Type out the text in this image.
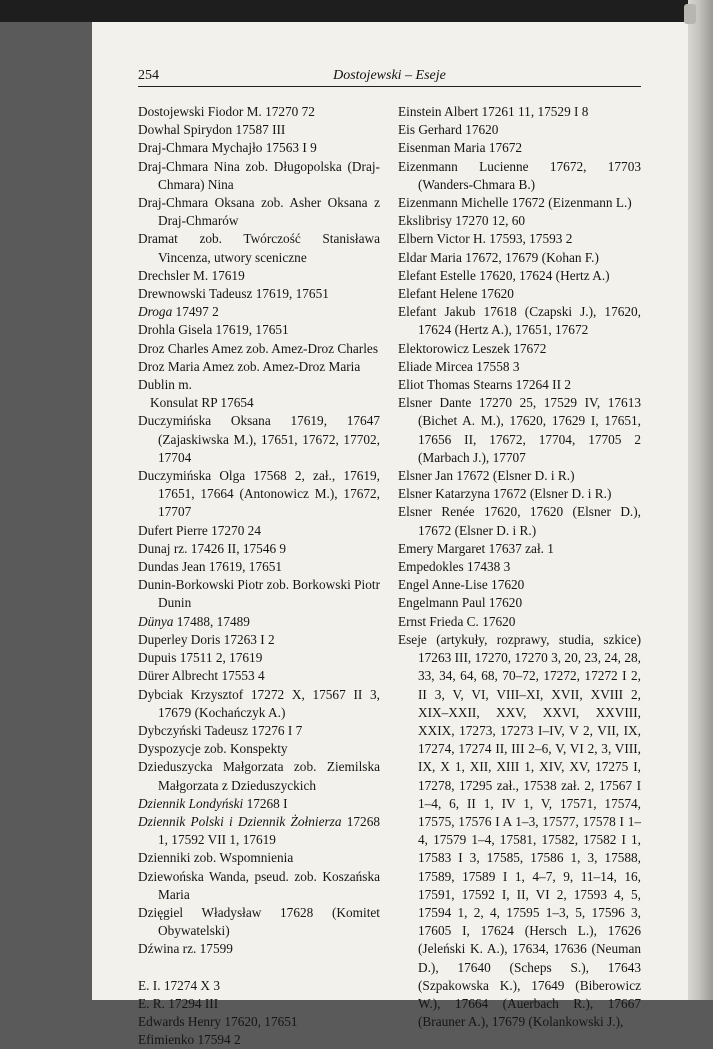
254	Dostojewski – Eseje
Dostojewski Fiodor M. 17270 72
Dowhal Spirydon 17587 III
Draj-Chmara Mychajło 17563 I 9
Draj-Chmara Nina zob. Długopolska (Draj-Chmara) Nina
Draj-Chmara Oksana zob. Asher Oksana z Draj-Chmarów
Dramat zob. Twórczość Stanisława Vincenza, utwory sceniczne
Drechsler M. 17619
Drewnowski Tadeusz 17619, 17651
Droga 17497 2
Drohla Gisela 17619, 17651
Droz Charles Amez zob. Amez-Droz Charles
Droz Maria Amez zob. Amez-Droz Maria
Dublin m.
Konsulat RP 17654
Duczymińska Oksana 17619, 17647 (Zajaskiwska M.), 17651, 17672, 17702, 17704
Duczymińska Olga 17568 2, zał., 17619, 17651, 17664 (Antonowicz M.), 17672, 17707
Dufert Pierre 17270 24
Dunaj rz. 17426 II, 17546 9
Dundas Jean 17619, 17651
Dunin-Borkowski Piotr zob. Borkowski Piotr Dunin
Dünya 17488, 17489
Duperley Doris 17263 I 2
Dupuis 17511 2, 17619
Dürer Albrecht 17553 4
Dybciak Krzysztof 17272 X, 17567 II 3, 17679 (Kochańczyk A.)
Dybczyński Tadeusz 17276 I 7
Dyspozycje zob. Konspekty
Dzieduszycka Małgorzata zob. Ziemilska Małgorzata z Dzieduszyckich
Dziennik Londyński 17268 I
Dziennik Polski i Dziennik Żołnierza 17268 1, 17592 VII 1, 17619
Dzienniki zob. Wspomnienia
Dziewońska Wanda, pseud. zob. Koszańska Maria
Dzięgiel Władysław 17628 (Komitet Obywatelski)
Dźwina rz. 17599
E. I. 17274 X 3
E. R. 17294 III
Edwards Henry 17620, 17651
Efimienko 17594 2
Einstein Albert 17261 11, 17529 I 8
Eis Gerhard 17620
Eisenman Maria 17672
Eizenmann Lucienne 17672, 17703 (Wanders-Chmara B.)
Eizenmann Michelle 17672 (Eizenmann L.)
Ekslibrisy 17270 12, 60
Elbern Victor H. 17593, 17593 2
Eldar Maria 17672, 17679 (Kohan F.)
Elefant Estelle 17620, 17624 (Hertz A.)
Elefant Helene 17620
Elefant Jakub 17618 (Czapski J.), 17620, 17624 (Hertz A.), 17651, 17672
Elektorowicz Leszek 17672
Eliade Mircea 17558 3
Eliot Thomas Stearns 17264 II 2
Elsner Dante 17270 25, 17529 IV, 17613 (Bichet A. M.), 17620, 17629 I, 17651, 17656 II, 17672, 17704, 17705 2 (Marbach J.), 17707
Elsner Jan 17672 (Elsner D. i R.)
Elsner Katarzyna 17672 (Elsner D. i R.)
Elsner Renée 17620, 17620 (Elsner D.), 17672 (Elsner D. i R.)
Emery Margaret 17637 zał. 1
Empedokles 17438 3
Engel Anne-Lise 17620
Engelmann Paul 17620
Ernst Frieda C. 17620
Eseje (artykuły, rozprawy, studia, szkice) 17263 III, 17270, 17270 3, 20, 23, 24, 28, 33, 34, 64, 68, 70–72, 17272, 17272 I 2, II 3, V, VI, VIII–XI, XVII, XVIII 2, XIX–XXII, XXV, XXVI, XXVIII, XXIX, 17273, 17273 I–IV, V 2, VII, IX, 17274, 17274 II, III 2–6, V, VI 2, 3, VIII, IX, X 1, XII, XIII 1, XIV, XV, 17275 I, 17278, 17295 zał., 17538 zał. 2, 17567 I 1–4, 6, II 1, IV 1, V, 17571, 17574, 17575, 17576 I A 1–3, 17577, 17578 I 1–4, 17579 1–4, 17581, 17582, 17582 I 1, 17583 I 3, 17585, 17586 1, 3, 17588, 17589, 17589 I 1, 4–7, 9, 11–14, 16, 17591, 17592 I, II, VI 2, 17593 4, 5, 17594 1, 2, 4, 17595 1–3, 5, 17596 3, 17605 I, 17624 (Hersch L.), 17626 (Jeleński K. A.), 17634, 17636 (Neuman D.), 17640 (Scheps S.), 17643 (Szpakowska K.), 17649 (Biberowicz W.), 17664 (Auerbach R.), 17667 (Brauner A.), 17679 (Kolankowski J.),
